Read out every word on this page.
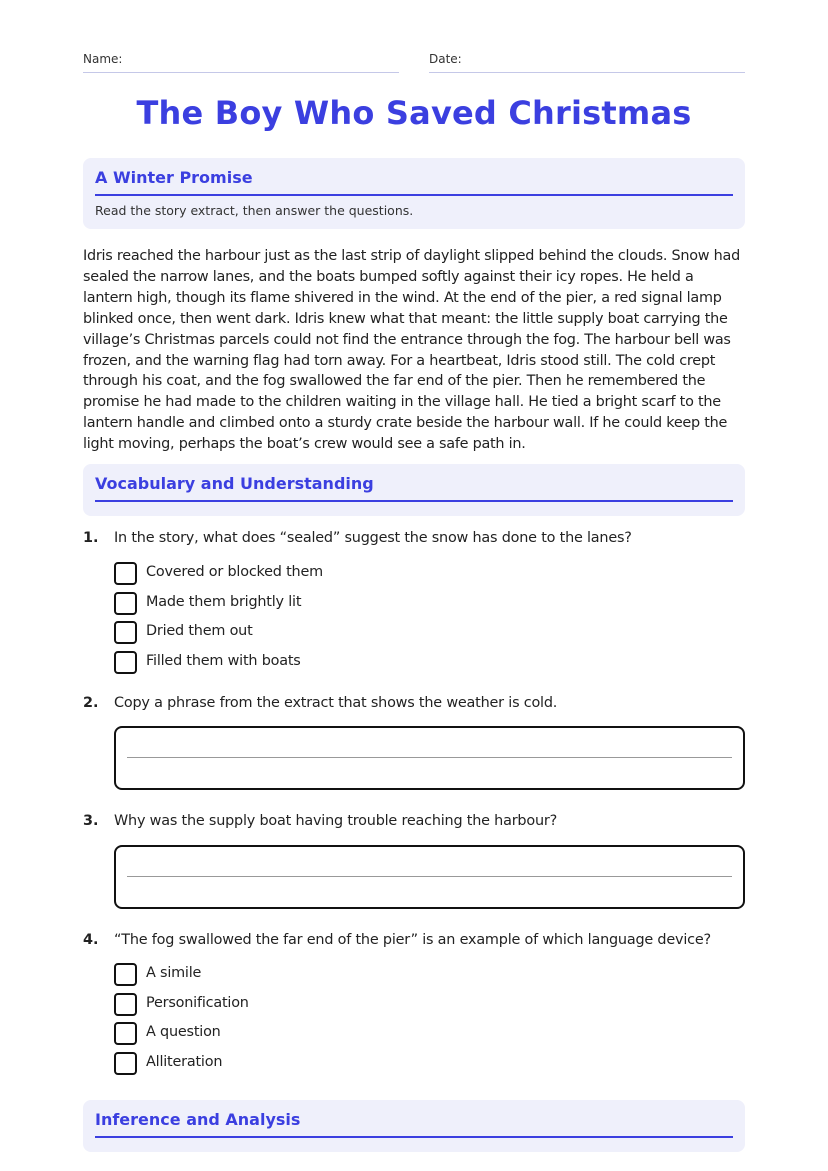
Name:	Date:
The Boy Who Saved Christmas
A Winter Promise
Read the story extract, then answer the questions.
Idris reached the harbour just as the last strip of daylight slipped behind the clouds. Snow had sealed the narrow lanes, and the boats bumped softly against their icy ropes. He held a lantern high, though its flame shivered in the wind. At the end of the pier, a red signal lamp blinked once, then went dark. Idris knew what that meant: the little supply boat carrying the village’s Christmas parcels could not find the entrance through the fog. The harbour bell was frozen, and the warning flag had torn away. For a heartbeat, Idris stood still. The cold crept through his coat, and the fog swallowed the far end of the pier. Then he remembered the promise he had made to the children waiting in the village hall. He tied a bright scarf to the lantern handle and climbed onto a sturdy crate beside the harbour wall. If he could keep the light moving, perhaps the boat’s crew would see a safe path in.
Vocabulary and Understanding
1. In the story, what does “sealed” suggest the snow has done to the lanes?
Covered or blocked them
Made them brightly lit
Dried them out
Filled them with boats
2. Copy a phrase from the extract that shows the weather is cold.
3. Why was the supply boat having trouble reaching the harbour?
4. “The fog swallowed the far end of the pier” is an example of which language device?
A simile
Personification
A question
Alliteration
Inference and Analysis
